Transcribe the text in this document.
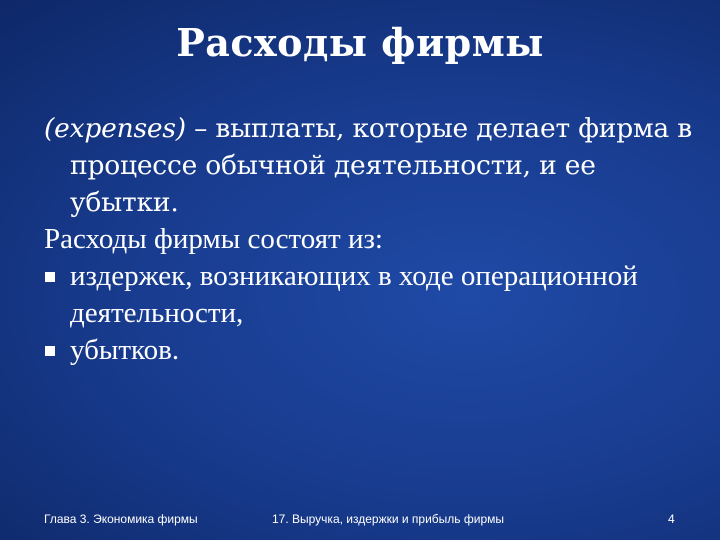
Расходы фирмы

(expenses) – выплаты, которые делает фирма в процессе обычной деятельности, и ее убытки.

Расходы фирмы состоят из:

издержек, возникающих в ходе операционной деятельности,
убытков.
Глава 3. Экономика фирмы	17. Выручка, издержки и прибыль фирмы	4
